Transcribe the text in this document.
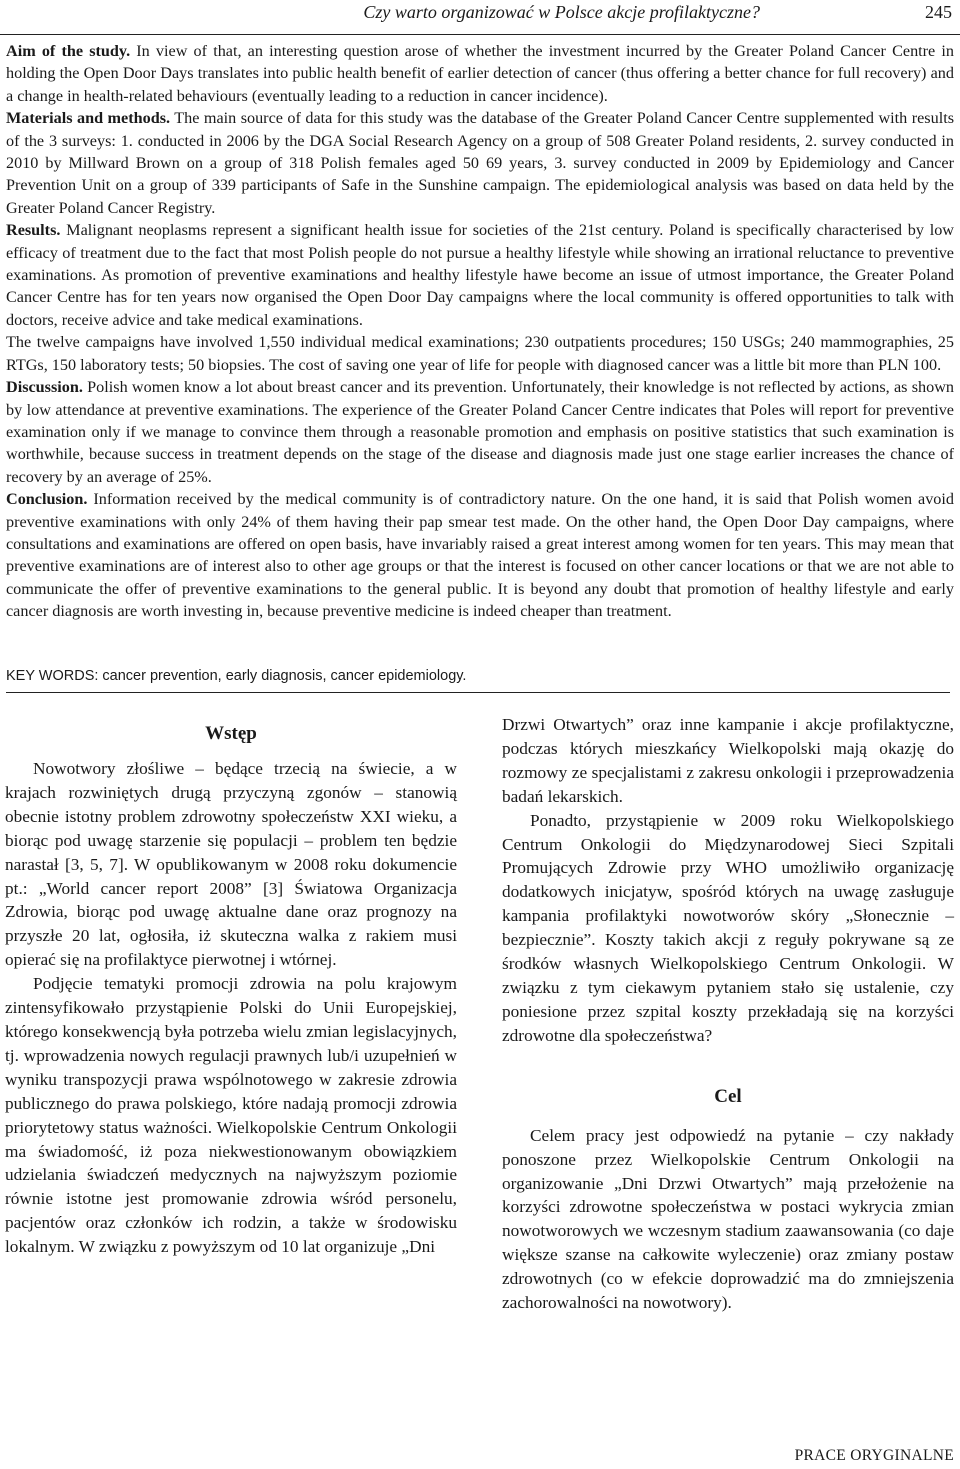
Czy warto organizować w Polsce akcje profilaktyczne?	245

Aim of the study. In view of that, an interesting question arose of whether the investment incurred by the Greater Poland Cancer Centre in holding the Open Door Days translates into public health benefit of earlier detection of cancer (thus offering a better chance for full recovery) and a change in health-related behaviours (eventually leading to a reduction in cancer incidence).

Materials and methods. The main source of data for this study was the database of the Greater Poland Cancer Centre supplemented with results of the 3 surveys: 1. conducted in 2006 by the DGA Social Research Agency on a group of 508 Greater Poland residents, 2. survey conducted in 2010 by Millward Brown on a group of 318 Polish females aged 50 69 years, 3. survey conducted in 2009 by Epidemiology and Cancer Prevention Unit on a group of 339 participants of Safe in the Sunshine campaign. The epidemiological analysis was based on data held by the Greater Poland Cancer Registry.

Results. Malignant neoplasms represent a significant health issue for societies of the 21st century. Poland is specifically characterised by low efficacy of treatment due to the fact that most Polish people do not pursue a healthy lifestyle while showing an irrational reluctance to preventive examinations. As promotion of preventive examinations and healthy lifestyle hawe become an issue of utmost importance, the Greater Poland Cancer Centre has for ten years now organised the Open Door Day campaigns where the local community is offered opportunities to talk with doctors, receive advice and take medical examinations.

The twelve campaigns have involved 1,550 individual medical examinations; 230 outpatients procedures; 150 USGs; 240 mammographies, 25 RTGs, 150 laboratory tests; 50 biopsies. The cost of saving one year of life for people with diagnosed cancer was a little bit more than PLN 100.

Discussion. Polish women know a lot about breast cancer and its prevention. Unfortunately, their knowledge is not reflected by actions, as shown by low attendance at preventive examinations. The experience of the Greater Poland Cancer Centre indicates that Poles will report for preventive examination only if we manage to convince them through a reasonable promotion and emphasis on positive statistics that such examination is worthwhile, because success in treatment depends on the stage of the disease and diagnosis made just one stage earlier increases the chance of recovery by an average of 25%.

Conclusion. Information received by the medical community is of contradictory nature. On the one hand, it is said that Polish women avoid preventive examinations with only 24% of them having their pap smear test made. On the other hand, the Open Door Day campaigns, where consultations and examinations are offered on open basis, have invariably raised a great interest among women for ten years. This may mean that preventive examinations are of interest also to other age groups or that the interest is focused on other cancer locations or that we are not able to communicate the offer of preventive examinations to the general public. It is beyond any doubt that promotion of healthy lifestyle and early cancer diagnosis are worth investing in, because preventive medicine is indeed cheaper than treatment.

KEY WORDS: cancer prevention, early diagnosis, cancer epidemiology.
Wstęp

Nowotwory złośliwe – będące trzecią na świecie, a w krajach rozwiniętych drugą przyczyną zgonów – stanowią obecnie istotny problem zdrowotny społeczeństw XXI wieku, a biorąc pod uwagę starzenie się populacji – problem ten będzie narastał [3, 5, 7]. W opublikowanym w 2008 roku dokumencie pt.: „World cancer report 2008” [3] Światowa Organizacja Zdrowia, biorąc pod uwagę aktualne dane oraz prognozy na przyszłe 20 lat, ogłosiła, iż skuteczna walka z rakiem musi opierać się na profilaktyce pierwotnej i wtórnej.

Podjęcie tematyki promocji zdrowia na polu krajowym zintensyfikowało przystąpienie Polski do Unii Europejskiej, którego konsekwencją była potrzeba wielu zmian legislacyjnych, tj. wprowadzenia nowych regulacji prawnych lub/i uzupełnień w wyniku transpozycji prawa wspólnotowego w zakresie zdrowia publicznego do prawa polskiego, które nadają promocji zdrowia priorytetowy status ważności. Wielkopolskie Centrum Onkologii ma świadomość, iż poza niekwestionowanym obowiązkiem udzielania świadczeń medycznych na najwyższym poziomie równie istotne jest promowanie zdrowia wśród personelu, pacjentów oraz członków ich rodzin, a także w środowisku lokalnym. W związku z powyższym od 10 lat organizuje „Dni

Drzwi Otwartych” oraz inne kampanie i akcje profilaktyczne, podczas których mieszkańcy Wielkopolski mają okazję do rozmowy ze specjalistami z zakresu onkologii i przeprowadzenia badań lekarskich.

Ponadto, przystąpienie w 2009 roku Wielkopolskiego Centrum Onkologii do Międzynarodowej Sieci Szpitali Promujących Zdrowie przy WHO umożliwiło organizację dodatkowych inicjatyw, spośród których na uwagę zasługuje kampania profilaktyki nowotworów skóry „Słonecznie – bezpiecznie”. Koszty takich akcji z reguły pokrywane są ze środków własnych Wielkopolskiego Centrum Onkologii. W związku z tym ciekawym pytaniem stało się ustalenie, czy poniesione przez szpital koszty przekładają się na korzyści zdrowotne dla społeczeństwa?

Cel

Celem pracy jest odpowiedź na pytanie – czy nakłady ponoszone przez Wielkopolskie Centrum Onkologii na organizowanie „Dni Drzwi Otwartych” mają przełożenie na korzyści zdrowotne społeczeństwa w postaci wykrycia zmian nowotworowych we wczesnym stadium zaawansowania (co daje większe szanse na całkowite wyleczenie) oraz zmiany postaw zdrowotnych (co w efekcie doprowadzić ma do zmniejszenia zachorowalności na nowotwory).

PRACE ORYGINALNE
